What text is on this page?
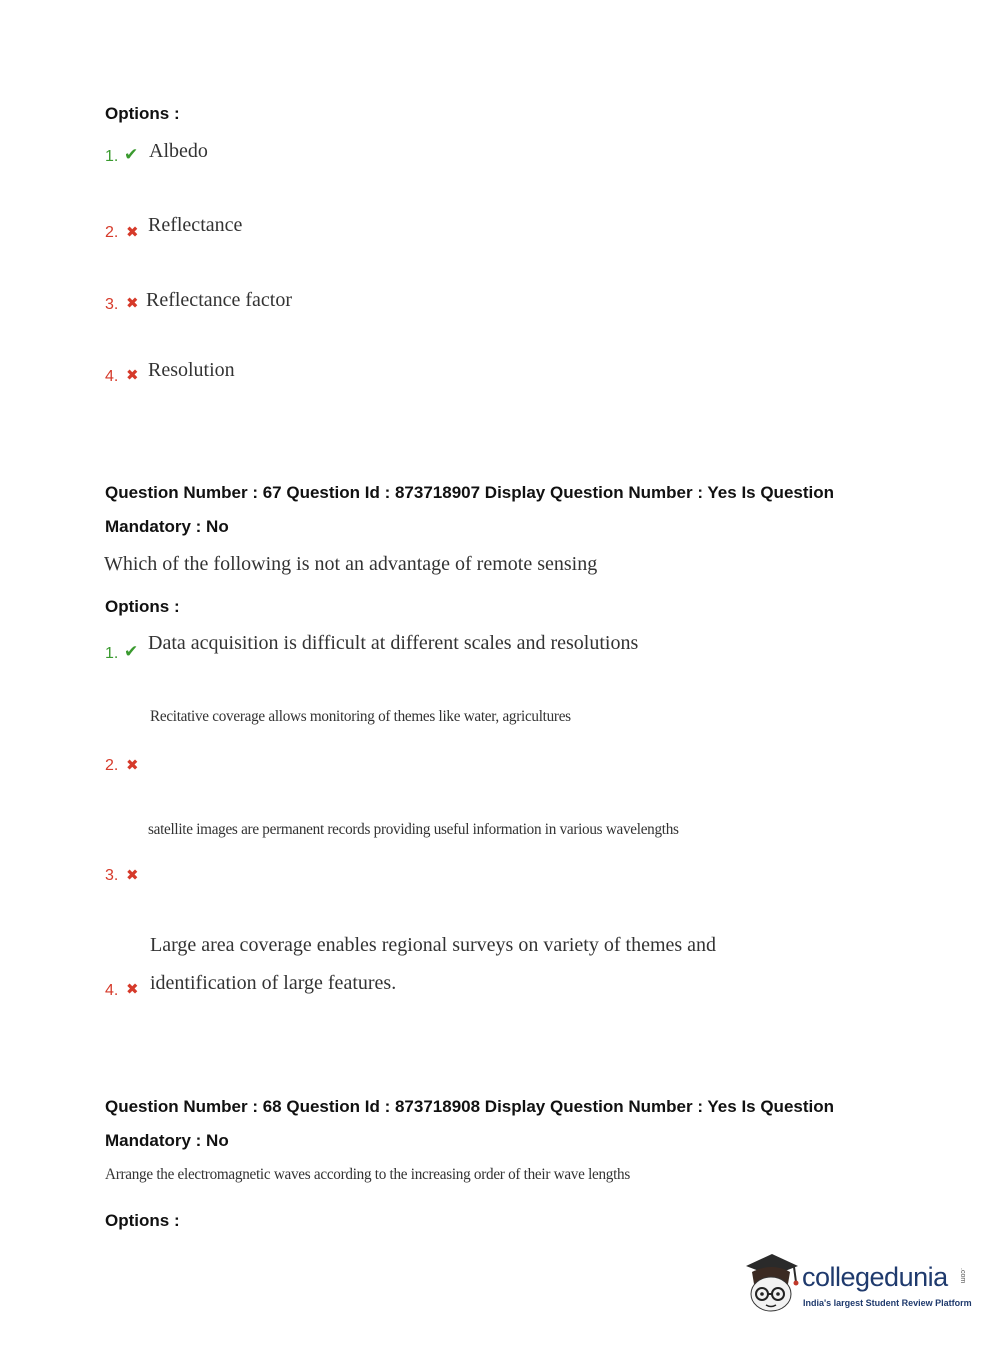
Options :
1. ✔ Albedo
2. ✖ Reflectance
3. ✖ Reflectance factor
4. ✖ Resolution
Question Number : 67 Question Id : 873718907 Display Question Number : Yes Is Question
Mandatory : No
Which of the following is not an advantage of remote sensing
Options :
1. ✔ Data acquisition is difficult at different scales and resolutions
Recitative coverage allows monitoring of themes like water, agricultures
2. ✖
satellite images are permanent records providing useful information in various wavelengths
3. ✖
Large area coverage enables regional surveys on variety of themes and
4. ✖ identification of large features.
Question Number : 68 Question Id : 873718908 Display Question Number : Yes Is Question
Mandatory : No
Arrange the electromagnetic waves according to the increasing order of their wave lengths
Options :
collegedunia .com
India's largest Student Review Platform
